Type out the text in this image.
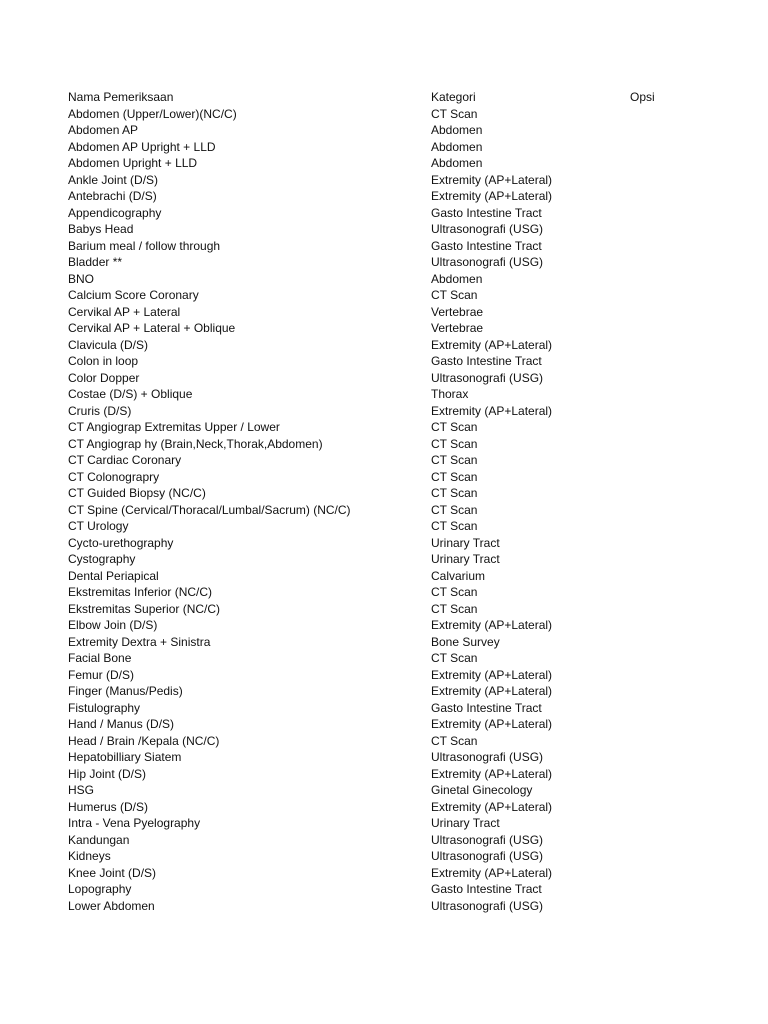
Nama Pemeriksaan	Kategori	Opsi
Abdomen (Upper/Lower)(NC/C)	CT Scan
Abdomen AP	Abdomen
Abdomen AP Upright + LLD	Abdomen
Abdomen Upright + LLD	Abdomen
Ankle Joint (D/S)	Extremity (AP+Lateral)
Antebrachi (D/S)	Extremity (AP+Lateral)
Appendicography	Gasto Intestine Tract
Babys Head	Ultrasonografi (USG)
Barium meal / follow through	Gasto Intestine Tract
Bladder **	Ultrasonografi (USG)
BNO	Abdomen
Calcium Score Coronary	CT Scan
Cervikal AP + Lateral	Vertebrae
Cervikal AP + Lateral + Oblique	Vertebrae
Clavicula (D/S)	Extremity (AP+Lateral)
Colon in loop	Gasto Intestine Tract
Color Dopper	Ultrasonografi (USG)
Costae (D/S) + Oblique	Thorax
Cruris (D/S)	Extremity (AP+Lateral)
CT Angiograp Extremitas Upper / Lower	CT Scan
CT Angiograp hy (Brain,Neck,Thorak,Abdomen)	CT Scan
CT Cardiac Coronary	CT Scan
CT Colonograpry	CT Scan
CT Guided Biopsy (NC/C)	CT Scan
CT Spine (Cervical/Thoracal/Lumbal/Sacrum) (NC/C)	CT Scan
CT Urology	CT Scan
Cycto-urethography	Urinary Tract
Cystography	Urinary Tract
Dental Periapical	Calvarium
Ekstremitas Inferior (NC/C)	CT Scan
Ekstremitas Superior (NC/C)	CT Scan
Elbow Join (D/S)	Extremity (AP+Lateral)
Extremity Dextra + Sinistra	Bone Survey
Facial Bone	CT Scan
Femur (D/S)	Extremity (AP+Lateral)
Finger (Manus/Pedis)	Extremity (AP+Lateral)
Fistulography	Gasto Intestine Tract
Hand / Manus (D/S)	Extremity (AP+Lateral)
Head / Brain /Kepala (NC/C)	CT Scan
Hepatobilliary Siatem	Ultrasonografi (USG)
Hip Joint (D/S)	Extremity (AP+Lateral)
HSG	Ginetal Ginecology
Humerus (D/S)	Extremity (AP+Lateral)
Intra - Vena Pyelography	Urinary Tract
Kandungan	Ultrasonografi (USG)
Kidneys	Ultrasonografi (USG)
Knee Joint (D/S)	Extremity (AP+Lateral)
Lopography	Gasto Intestine Tract
Lower Abdomen	Ultrasonografi (USG)
